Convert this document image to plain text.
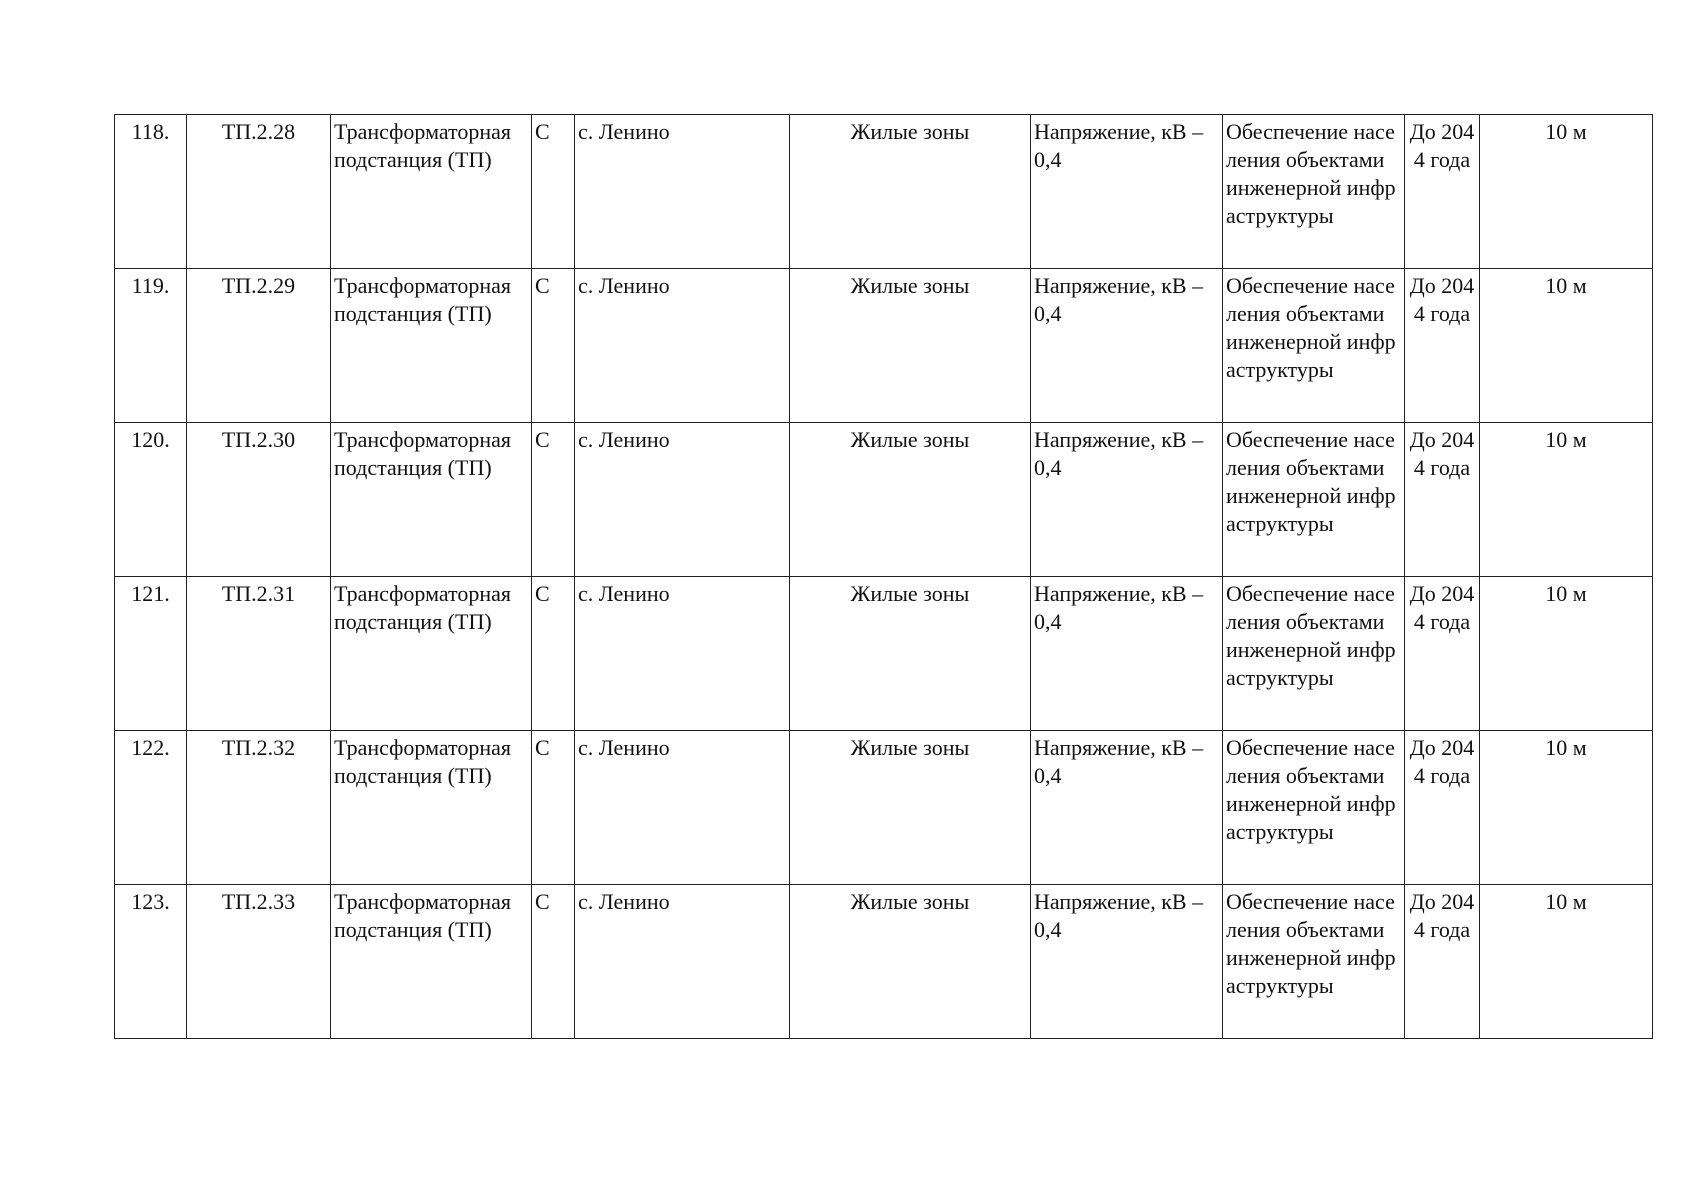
118.	ТП.2.28	Трансформаторная подстанция (ТП)	С	с. Ленино	Жилые зоны	Напряжение, кВ – 0,4	Обеспечение населения объектами инженерной инфраструктуры	До 2044 года	10 м
119.	ТП.2.29	Трансформаторная подстанция (ТП)	С	с. Ленино	Жилые зоны	Напряжение, кВ – 0,4	Обеспечение населения объектами инженерной инфраструктуры	До 2044 года	10 м
120.	ТП.2.30	Трансформаторная подстанция (ТП)	С	с. Ленино	Жилые зоны	Напряжение, кВ – 0,4	Обеспечение населения объектами инженерной инфраструктуры	До 2044 года	10 м
121.	ТП.2.31	Трансформаторная подстанция (ТП)	С	с. Ленино	Жилые зоны	Напряжение, кВ – 0,4	Обеспечение населения объектами инженерной инфраструктуры	До 2044 года	10 м
122.	ТП.2.32	Трансформаторная подстанция (ТП)	С	с. Ленино	Жилые зоны	Напряжение, кВ – 0,4	Обеспечение населения объектами инженерной инфраструктуры	До 2044 года	10 м
123.	ТП.2.33	Трансформаторная подстанция (ТП)	С	с. Ленино	Жилые зоны	Напряжение, кВ – 0,4	Обеспечение населения объектами инженерной инфраструктуры	До 2044 года	10 м
